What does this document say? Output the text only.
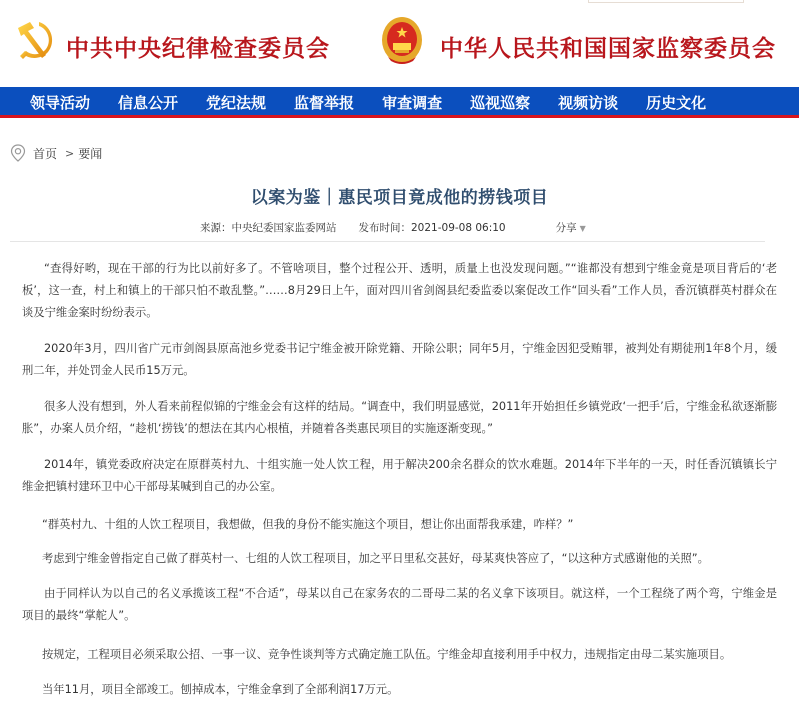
中共中央纪律检查委员会	中华人民共和国国家监察委员会
领导活动 信息公开 党纪法规 监督举报 审查调查 巡视巡察 视频访谈 历史文化
首页 > 要闻
以案为鉴｜惠民项目竟成他的捞钱项目
来源：中央纪委国家监委网站 发布时间：2021-09-08 06:10	分享 ▼

“查得好哟，现在干部的行为比以前好多了。不管啥项目，整个过程公开、透明，质量上也没发现问题。”“谁都没有想到宁维金竟是项目背后的‘老板’，这一查，村上和镇上的干部只怕不敢乱整。”……8月29日上午，面对四川省剑阁县纪委监委以案促改工作“回头看”工作人员，香沉镇群英村群众在谈及宁维金案时纷纷表示。

2020年3月，四川省广元市剑阁县原高池乡党委书记宁维金被开除党籍、开除公职；同年5月，宁维金因犯受贿罪，被判处有期徒刑1年8个月，缓刑二年，并处罚金人民币15万元。

很多人没有想到，外人看来前程似锦的宁维金会有这样的结局。“调查中，我们明显感觉，2011年开始担任乡镇党政‘一把手’后，宁维金私欲逐渐膨胀”，办案人员介绍，“趁机‘捞钱’的想法在其内心根植，并随着各类惠民项目的实施逐渐变现。”

2014年，镇党委政府决定在原群英村九、十组实施一处人饮工程，用于解决200余名群众的饮水难题。2014年下半年的一天，时任香沉镇镇长宁维金把镇村建环卫中心干部母某喊到自己的办公室。

“群英村九、十组的人饮工程项目，我想做，但我的身份不能实施这个项目，想让你出面帮我承建，咋样？”

考虑到宁维金曾指定自己做了群英村一、七组的人饮工程项目，加之平日里私交甚好，母某爽快答应了，“以这种方式感谢他的关照”。

由于同样认为以自己的名义承揽该工程“不合适”，母某以自己在家务农的二哥母二某的名义拿下该项目。就这样，一个工程绕了两个弯，宁维金是项目的最终“掌舵人”。

按规定，工程项目必须采取公招、一事一议、竞争性谈判等方式确定施工队伍。宁维金却直接利用手中权力，违规指定由母二某实施项目。

当年11月，项目全部竣工。刨掉成本，宁维金拿到了全部利润17万元。
